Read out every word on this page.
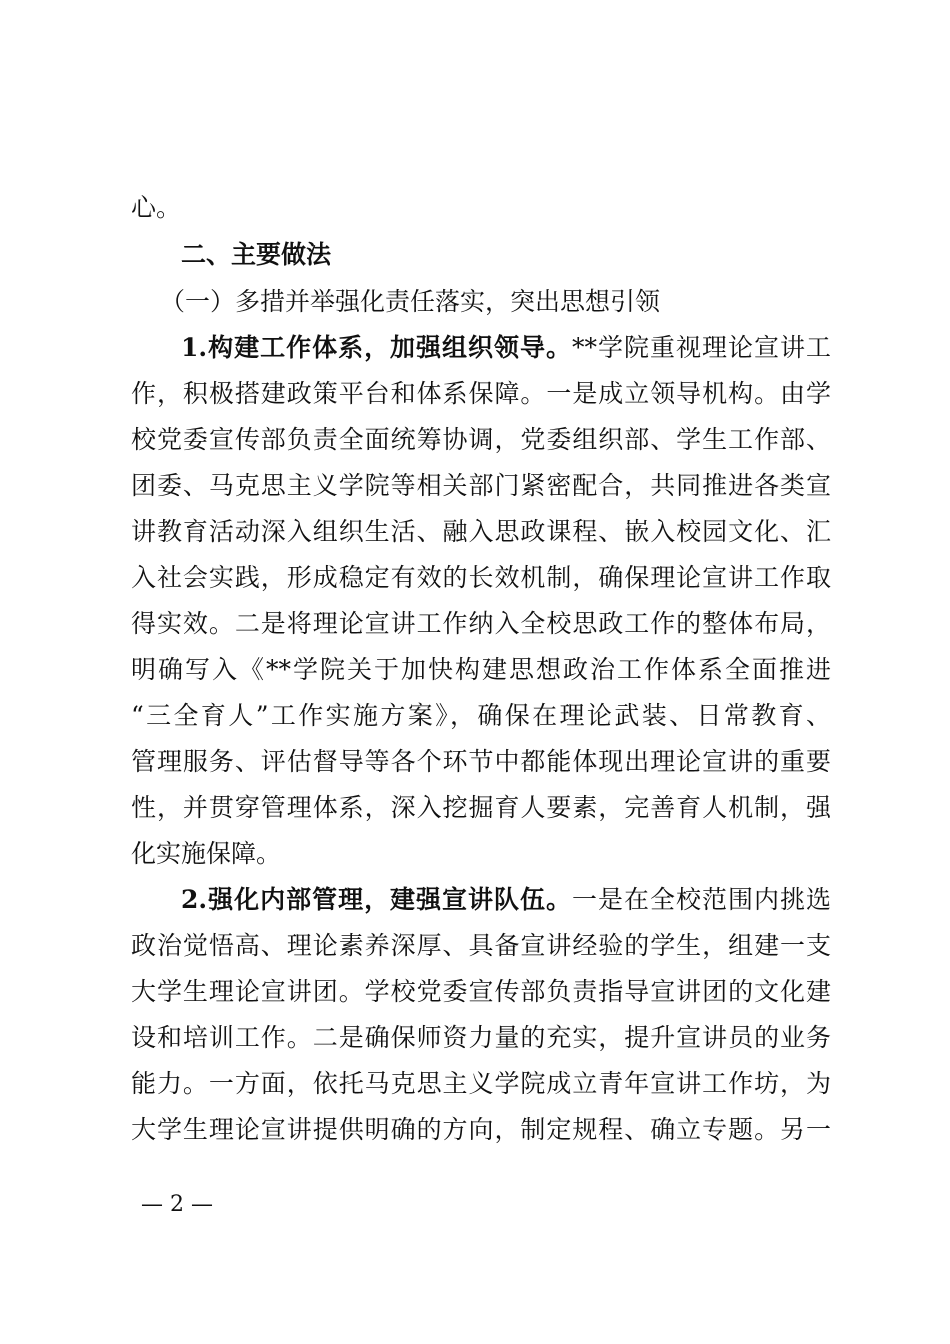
心。
二、主要做法
（一）多措并举强化责任落实，突出思想引领
1.构建工作体系，加强组织领导。**学院重视理论宣讲工
作，积极搭建政策平台和体系保障。一是成立领导机构。由学
校党委宣传部负责全面统筹协调，党委组织部、学生工作部、
团委、马克思主义学院等相关部门紧密配合，共同推进各类宣
讲教育活动深入组织生活、融入思政课程、嵌入校园文化、汇
入社会实践，形成稳定有效的长效机制，确保理论宣讲工作取
得实效。二是将理论宣讲工作纳入全校思政工作的整体布局，
明确写入《**学院关于加快构建思想政治工作体系全面推进
“三全育人”工作实施方案》，确保在理论武装、日常教育、
管理服务、评估督导等各个环节中都能体现出理论宣讲的重要
性，并贯穿管理体系，深入挖掘育人要素，完善育人机制，强
化实施保障。
2.强化内部管理，建强宣讲队伍。一是在全校范围内挑选
政治觉悟高、理论素养深厚、具备宣讲经验的学生，组建一支
大学生理论宣讲团。学校党委宣传部负责指导宣讲团的文化建
设和培训工作。二是确保师资力量的充实，提升宣讲员的业务
能力。一方面，依托马克思主义学院成立青年宣讲工作坊，为
大学生理论宣讲提供明确的方向，制定规程、确立专题。另一
— 2 —
